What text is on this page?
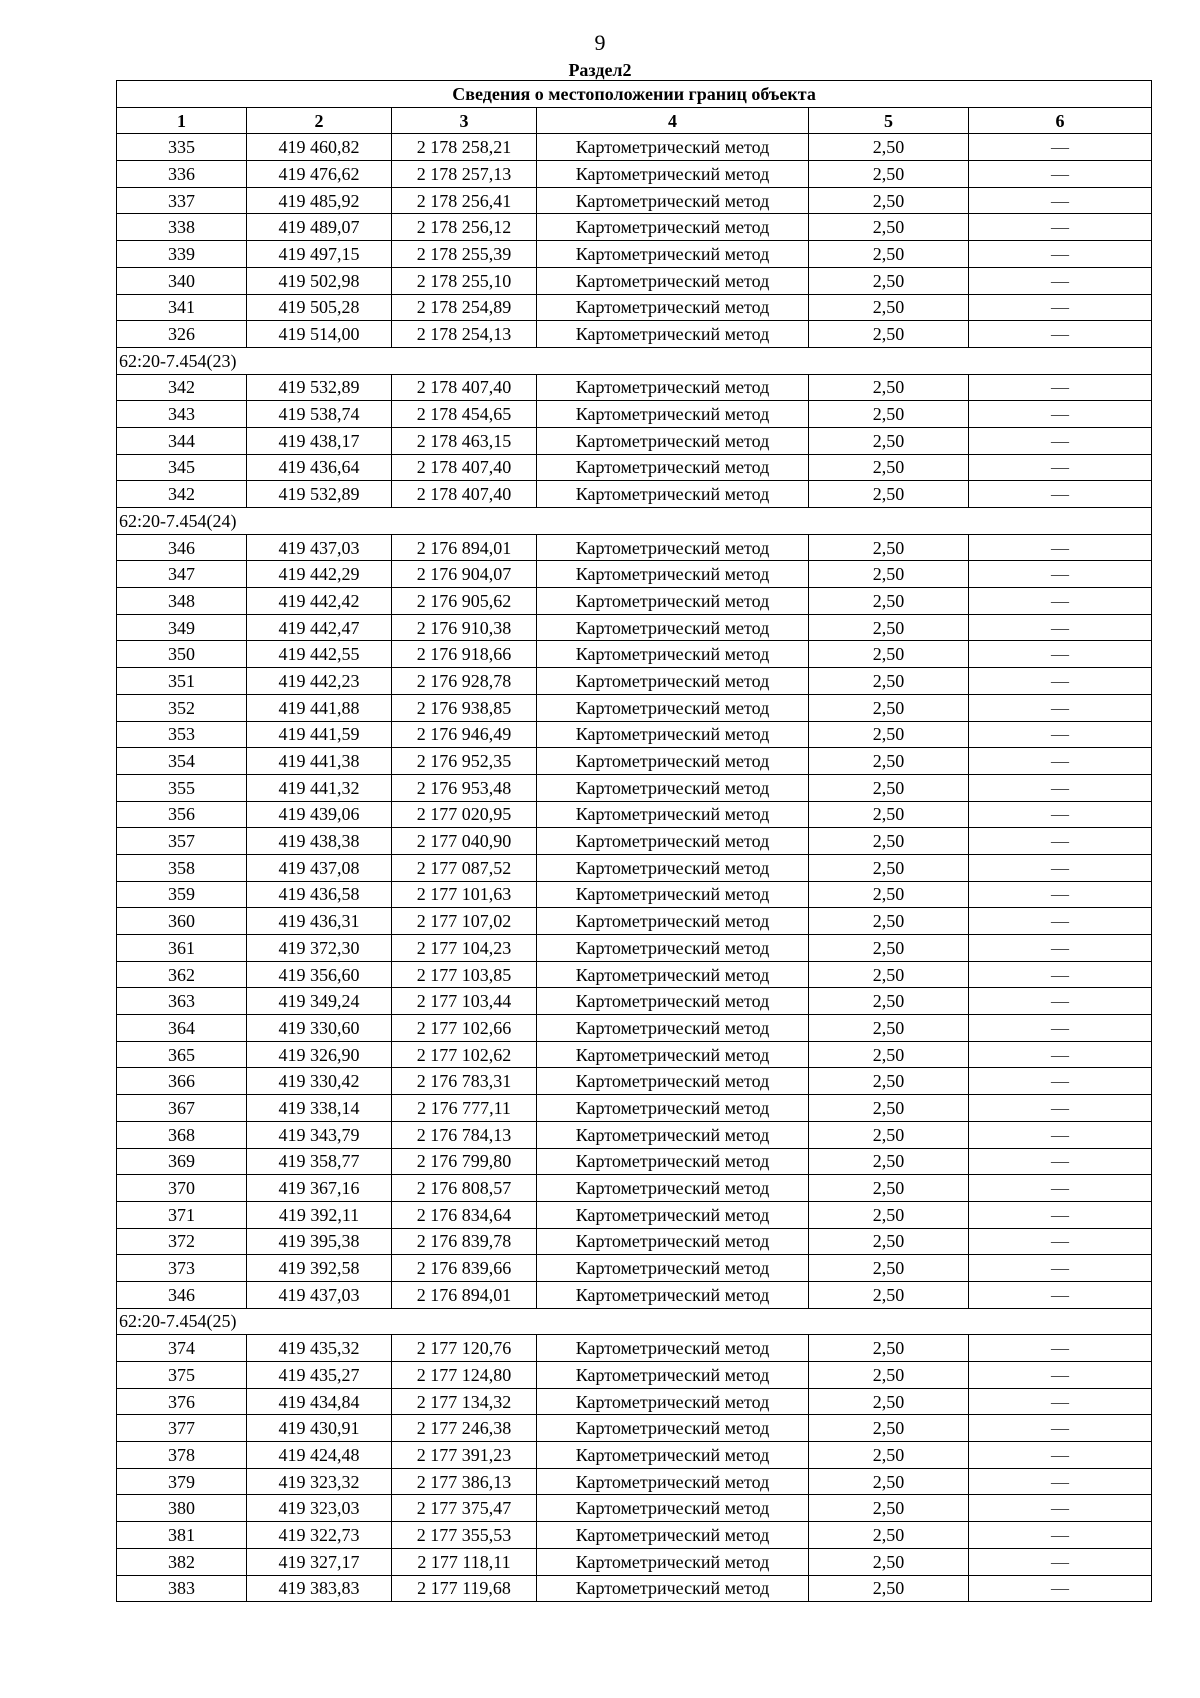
9
Раздел2
Сведения о местоположении границ объекта					
1	2	3	4	5	6
335	419 460,82	2 178 258,21	Картометрический метод	2,50	—
336	419 476,62	2 178 257,13	Картометрический метод	2,50	—
337	419 485,92	2 178 256,41	Картометрический метод	2,50	—
338	419 489,07	2 178 256,12	Картометрический метод	2,50	—
339	419 497,15	2 178 255,39	Картометрический метод	2,50	—
340	419 502,98	2 178 255,10	Картометрический метод	2,50	—
341	419 505,28	2 178 254,89	Картометрический метод	2,50	—
326	419 514,00	2 178 254,13	Картометрический метод	2,50	—
62:20-7.454(23)					
342	419 532,89	2 178 407,40	Картометрический метод	2,50	—
343	419 538,74	2 178 454,65	Картометрический метод	2,50	—
344	419 438,17	2 178 463,15	Картометрический метод	2,50	—
345	419 436,64	2 178 407,40	Картометрический метод	2,50	—
342	419 532,89	2 178 407,40	Картометрический метод	2,50	—
62:20-7.454(24)					
346	419 437,03	2 176 894,01	Картометрический метод	2,50	—
347	419 442,29	2 176 904,07	Картометрический метод	2,50	—
348	419 442,42	2 176 905,62	Картометрический метод	2,50	—
349	419 442,47	2 176 910,38	Картометрический метод	2,50	—
350	419 442,55	2 176 918,66	Картометрический метод	2,50	—
351	419 442,23	2 176 928,78	Картометрический метод	2,50	—
352	419 441,88	2 176 938,85	Картометрический метод	2,50	—
353	419 441,59	2 176 946,49	Картометрический метод	2,50	—
354	419 441,38	2 176 952,35	Картометрический метод	2,50	—
355	419 441,32	2 176 953,48	Картометрический метод	2,50	—
356	419 439,06	2 177 020,95	Картометрический метод	2,50	—
357	419 438,38	2 177 040,90	Картометрический метод	2,50	—
358	419 437,08	2 177 087,52	Картометрический метод	2,50	—
359	419 436,58	2 177 101,63	Картометрический метод	2,50	—
360	419 436,31	2 177 107,02	Картометрический метод	2,50	—
361	419 372,30	2 177 104,23	Картометрический метод	2,50	—
362	419 356,60	2 177 103,85	Картометрический метод	2,50	—
363	419 349,24	2 177 103,44	Картометрический метод	2,50	—
364	419 330,60	2 177 102,66	Картометрический метод	2,50	—
365	419 326,90	2 177 102,62	Картометрический метод	2,50	—
366	419 330,42	2 176 783,31	Картометрический метод	2,50	—
367	419 338,14	2 176 777,11	Картометрический метод	2,50	—
368	419 343,79	2 176 784,13	Картометрический метод	2,50	—
369	419 358,77	2 176 799,80	Картометрический метод	2,50	—
370	419 367,16	2 176 808,57	Картометрический метод	2,50	—
371	419 392,11	2 176 834,64	Картометрический метод	2,50	—
372	419 395,38	2 176 839,78	Картометрический метод	2,50	—
373	419 392,58	2 176 839,66	Картометрический метод	2,50	—
346	419 437,03	2 176 894,01	Картометрический метод	2,50	—
62:20-7.454(25)					
374	419 435,32	2 177 120,76	Картометрический метод	2,50	—
375	419 435,27	2 177 124,80	Картометрический метод	2,50	—
376	419 434,84	2 177 134,32	Картометрический метод	2,50	—
377	419 430,91	2 177 246,38	Картометрический метод	2,50	—
378	419 424,48	2 177 391,23	Картометрический метод	2,50	—
379	419 323,32	2 177 386,13	Картометрический метод	2,50	—
380	419 323,03	2 177 375,47	Картометрический метод	2,50	—
381	419 322,73	2 177 355,53	Картометрический метод	2,50	—
382	419 327,17	2 177 118,11	Картометрический метод	2,50	—
383	419 383,83	2 177 119,68	Картометрический метод	2,50	—
